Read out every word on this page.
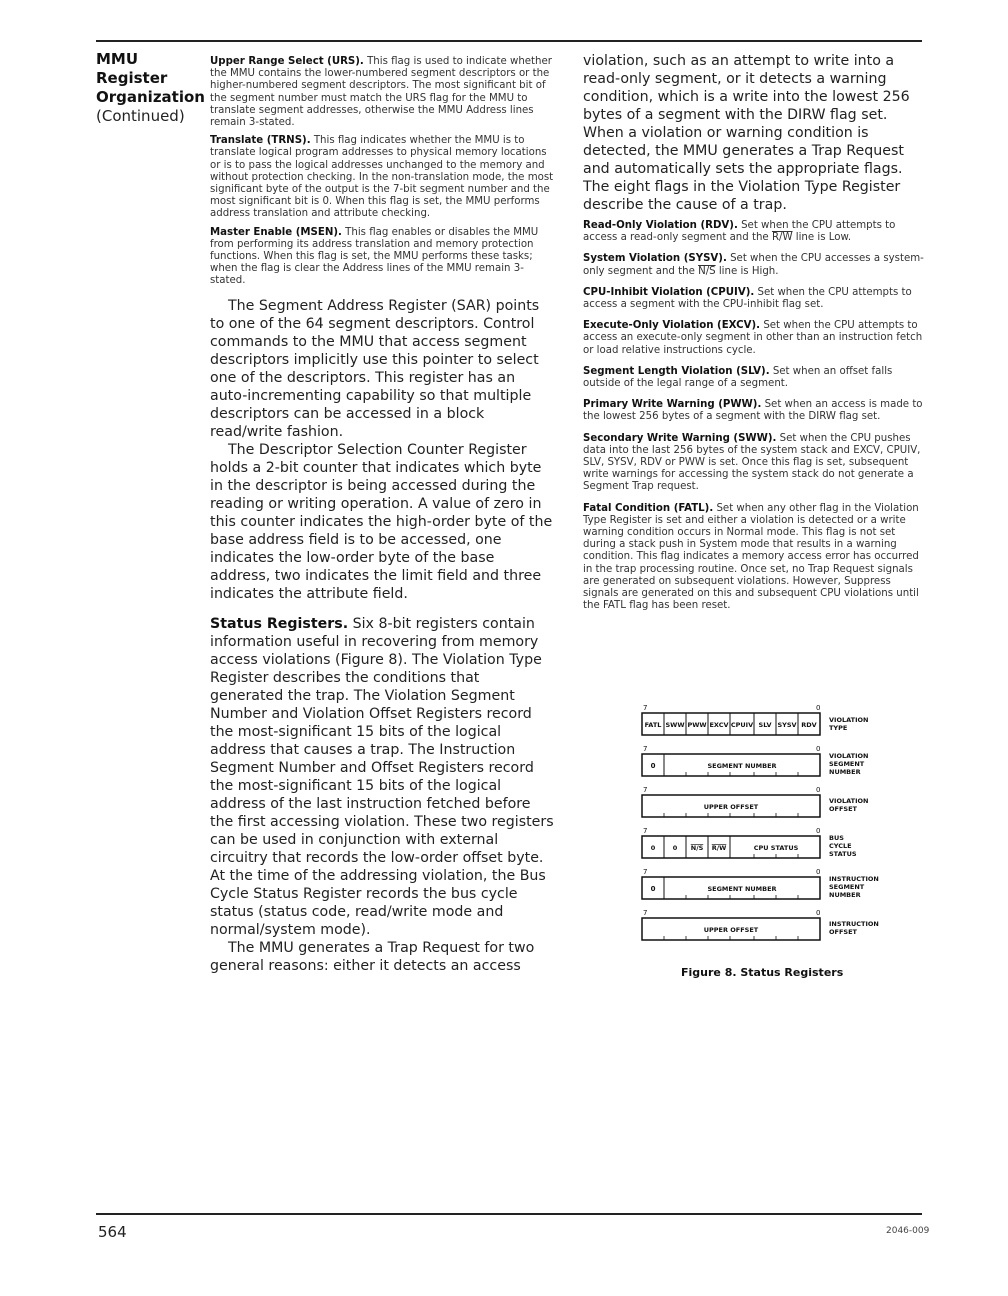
MMU
Register
Organization
(Continued)

Upper Range Select (URS). This flag is used to indicate whether the MMU contains the lower-numbered segment descriptors or the higher-numbered segment descriptors. The most significant bit of the segment number must match the URS flag for the MMU to translate segment addresses, otherwise the MMU Address lines remain 3-stated.

Translate (TRNS). This flag indicates whether the MMU is to translate logical program addresses to physical memory locations or is to pass the logical addresses unchanged to the memory and without protection checking. In the non-translation mode, the most significant byte of the output is the 7-bit segment number and the most significant bit is 0. When this flag is set, the MMU performs address translation and attribute checking.

Master Enable (MSEN). This flag enables or disables the MMU from performing its address translation and memory protection functions. When this flag is set, the MMU performs these tasks; when the flag is clear the Address lines of the MMU remain 3-stated.

The Segment Address Register (SAR) points to one of the 64 segment descriptors. Control commands to the MMU that access segment descriptors implicitly use this pointer to select one of the descriptors. This register has an auto-incrementing capability so that multiple descriptors can be accessed in a block read/write fashion.

The Descriptor Selection Counter Register holds a 2-bit counter that indicates which byte in the descriptor is being accessed during the reading or writing operation. A value of zero in this counter indicates the high-order byte of the base address field is to be accessed, one indicates the low-order byte of the base address, two indicates the limit field and three indicates the attribute field.

Status Registers. Six 8-bit registers contain information useful in recovering from memory access violations (Figure 8). The Violation Type Register describes the conditions that generated the trap. The Violation Segment Number and Violation Offset Registers record the most-significant 15 bits of the logical address that causes a trap. The Instruction Segment Number and Offset Registers record the most-significant 15 bits of the logical address of the last instruction fetched before the first accessing violation. These two registers can be used in conjunction with external circuitry that records the low-order offset byte. At the time of the addressing violation, the Bus Cycle Status Register records the bus cycle status (status code, read/write mode and normal/system mode).

The MMU generates a Trap Request for two general reasons: either it detects an access

violation, such as an attempt to write into a read-only segment, or it detects a warning condition, which is a write into the lowest 256 bytes of a segment with the DIRW flag set. When a violation or warning condition is detected, the MMU generates a Trap Request and automatically sets the appropriate flags. The eight flags in the Violation Type Register describe the cause of a trap.

Read-Only Violation (RDV). Set when the CPU attempts to access a read-only segment and the R/W line is Low.

System Violation (SYSV). Set when the CPU accesses a system-only segment and the N/S line is High.

CPU-Inhibit Violation (CPUIV). Set when the CPU attempts to access a segment with the CPU-inhibit flag set.

Execute-Only Violation (EXCV). Set when the CPU attempts to access an execute-only segment in other than an instruction fetch or load relative instructions cycle.

Segment Length Violation (SLV). Set when an offset falls outside of the legal range of a segment.

Primary Write Warning (PWW). Set when an access is made to the lowest 256 bytes of a segment with the DIRW flag set.

Secondary Write Warning (SWW). Set when the CPU pushes data into the last 256 bytes of the system stack and EXCV, CPUIV, SLV, SYSV, RDV or PWW is set. Once this flag is set, subsequent write warnings for accessing the system stack do not generate a Segment Trap request.

Fatal Condition (FATL). Set when any other flag in the Violation Type Register is set and either a violation is detected or a write warning condition occurs in Normal mode. This flag is not set during a stack push in System mode that results in a warning condition. This flag indicates a memory access error has occurred in the trap processing routine. Once set, no Trap Request signals are generated on subsequent violations. However, Suppress signals are generated on this and subsequent CPU violations until the FATL flag has been reset.

7	0
FATL SWW PWW EXCV CPUIV SLV SYSV RDV
VIOLATION
TYPE
7	0
0	SEGMENT NUMBER
VIOLATION
SEGMENT
NUMBER
7	0
UPPER OFFSET
VIOLATION
OFFSET
7	0
0	0 N/S R/W	CPU STATUS
BUS
CYCLE
STATUS
7	0
0	SEGMENT NUMBER
INSTRUCTION
SEGMENT
NUMBER
7	0
UPPER OFFSET
INSTRUCTION
OFFSET
Figure 8. Status Registers
564	2046-009
